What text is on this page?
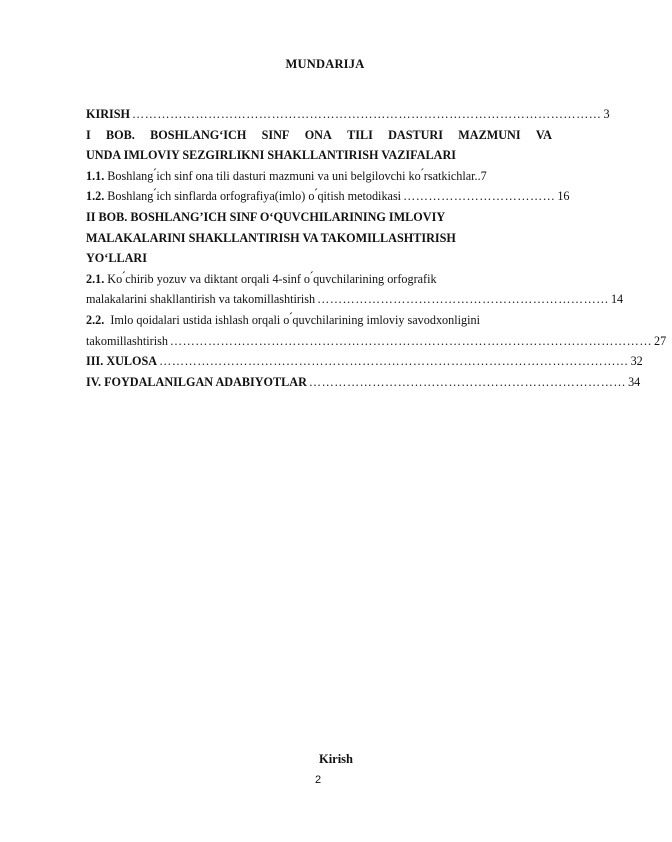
MUNDARIJA
KIRISH ………………………………………………………………………………………………… 3
I BOB. BOSHLANG‘ICH SINF ONA TILI DASTURI MAZMUNI VA
UNDA IMLOVIY SEZGIRLIKNI SHAKLLANTIRISH VAZIFALARI
1.1. Boshlang ́ich sinf ona tili dasturi mazmuni va uni belgilovchi ko ́rsatkichlar.. 7
1.2. Boshlang ́ich sinflarda orfografiya(imlo) o ́qitish metodikasi ……………………………… 16
II BOB. BOSHLANG’ICH SINF O‘QUVCHILARINING IMLOVIY
MALAKALARINI SHAKLLANTIRISH VA TAKOMILLASHTIRISH
YO‘LLARI
2.1. Ko ́chirib yozuv va diktant orqali 4-sinf o ́quvchilarining orfografik
malakalarini shakllantirish va takomillashtirish …………………………………………………………… 14
2.2. Imlo qoidalari ustida ishlash orqali o ́quvchilarining imloviy savodxonligini
takomillashtirish …………………………………………………………………………………………………… 27
III. XULOSA ………………………………………………………………………………………………… 32
IV. FOYDALANILGAN ADABIYOTLAR ………………………………………………………………… 34
Kirish
2
